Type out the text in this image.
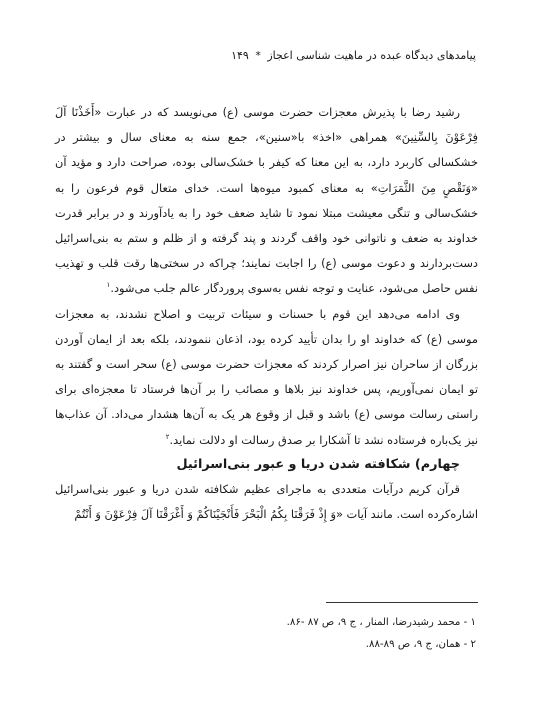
پیامدهای دیدگاه عبده در ماهیت شناسی اعجاز * ۱۴۹

رشید رضا با پذیرش معجزات حضرت موسی (ع) می‌نویسد که در عبارت «أَخَذْنَا آلَ فِرْعَوْنَ بِالسِّنِینَ» همراهی «اخذ» با«سنین»، جمع سنه به معنای سال و بیشتر در خشکسالی کاربرد دارد، به این معنا که کیفر با خشک‌سالی بوده، صراحت دارد و مؤید آن «وَنَقْصٍ مِنَ الثَّمَرَاتِ» به معنای کمبود میوه‌ها است. خدای متعال قوم فرعون را به خشک‌سالی و تنگی معیشت مبتلا نمود تا شاید ضعف خود را به یادآورند و در برابر قدرت خداوند به ضعف و ناتوانی خود واقف گردند و پند گرفته و از ظلم و ستم به بنی‌اسرائیل دست‌بردارند و دعوت موسی (ع) را اجابت نمایند؛ چراکه در سختی‌ها رقت قلب و تهذیب نفس حاصل می‌شود، عنایت و توجه نفس به‌سوی پروردگار عالم جلب می‌شود.$^۱$

وی ادامه می‌دهد این قوم با حسنات و سیئات تربیت و اصلاح نشدند، به معجزات موسی (ع) که خداوند او را بدان تأیید کرده بود، اذعان ننمودند، بلکه بعد از ایمان آوردن بزرگان از ساحران نیز اصرار کردند که معجزات حضرت موسی (ع) سحر است و گفتند به تو ایمان نمی‌آوریم، پس خداوند نیز بلاها و مصائب را بر آن‌ها فرستاد تا معجزه‌ای برای راستی رسالت موسی (ع) باشد و قبل از وقوع هر یک به آن‌ها هشدار می‌داد. آن عذاب‌ها نیز یک‌باره فرستاده نشد تا آشکارا بر صدق رسالت او دلالت نماید.$^۲$

چهارم) شکافته شدن دریا و عبور بنی‌اسرائیل

قرآن کریم درآیات متعددی به ماجرای عظیم شکافته شدن دریا و عبور بنی‌اسرائیل اشاره‌کرده است. مانند آیات «وَ إِذْ فَرَقْنَا بِكُمُ الْبَحْرَ فَأَنْجَيْنَاكُمْ وَ أَغْرَقْنَا آلَ فِرْعَوْنَ وَ أَنْتُمْ

۱ - محمد رشیدرضا، المنار ، ج ۹، ص ۸۷ -۸۶.
۲ - همان، ج ۹، ص ۸۹-۸۸.
